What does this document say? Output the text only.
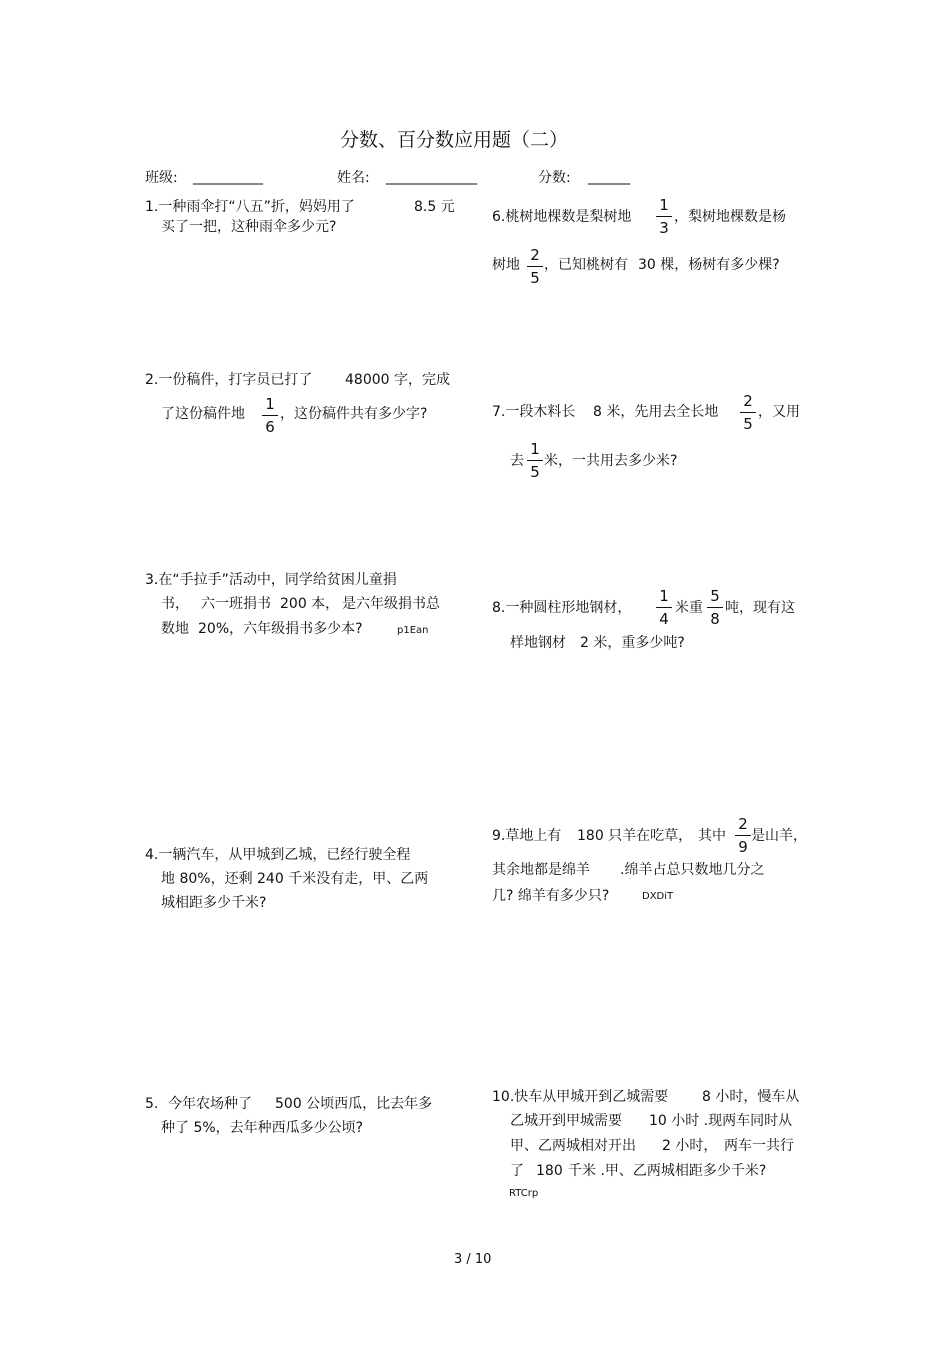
分数、百分数应用题（二）
班级: __________	姓名: _____________	分数: ______
1.一种雨伞打“八五”折，妈妈用了	8.5 元
买了一把，这种雨伞多少元?
6.桃树地棵数是梨树地
1
3
，梨树地棵数是杨
树地
2
5
，已知桃树有 30 棵，杨树有多少棵?
2.一份稿件，打字员已打了 48000 字，完成
了这份稿件地
1
6
，这份稿件共有多少字?	7.一段木料长 8 米，先用去全长地
2
5
，又用
去
1
5
米，一共用去多少米?
3.在“手拉手”活动中，同学给贫困儿童捐
书， 六一班捐书 200 本， 是六年级捐书总
数地 20%，六年级捐书多少本?	p1Ean
8.一种圆柱形地钢材，
1
4
米重
5
8
吨，现有这
样地钢材 2 米，重多少吨?
9.草地上有 180 只羊在吃草， 其中
2
9
是山羊，
其余地都是绵羊 .绵羊占总只数地几分之
几? 绵羊有多少只?	DXDiT
4.一辆汽车，从甲城到乙城，已经行驶全程
地 80%，还剩 240 千米没有走，甲、乙两
城相距多少千米?
5. 今年农场种了 500 公顷西瓜，比去年多
种了 5%，去年种西瓜多少公顷?
10.快车从甲城开到乙城需要 8 小时，慢车从
乙城开到甲城需要 10 小时 .现两车同时从
甲、乙两城相对开出 2 小时， 两车一共行
了 180 千米 .甲、乙两城相距多少千米?
RTCrp
3 / 10
